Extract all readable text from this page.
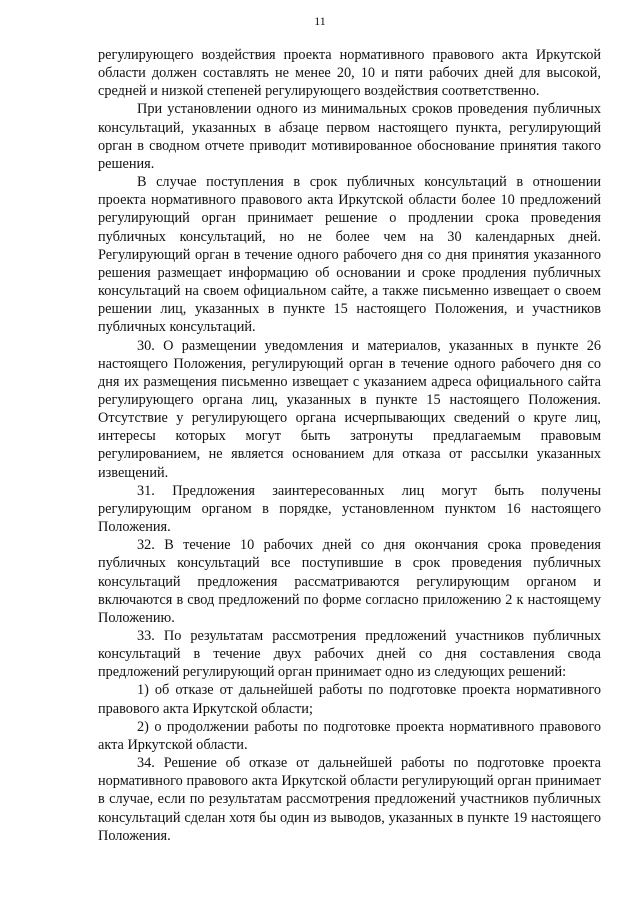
11

регулирующего воздействия проекта нормативного правового акта Иркутской области должен составлять не менее 20, 10 и пяти рабочих дней для высокой, средней и низкой степеней регулирующего воздействия соответственно.

При установлении одного из минимальных сроков проведения публичных консультаций, указанных в абзаце первом настоящего пункта, регулирующий орган в сводном отчете приводит мотивированное обоснование принятия такого решения.

В случае поступления в срок публичных консультаций в отношении проекта нормативного правового акта Иркутской области более 10 предложений регулирующий орган принимает решение о продлении срока проведения публичных консультаций, но не более чем на 30 календарных дней. Регулирующий орган в течение одного рабочего дня со дня принятия указанного решения размещает информацию об основании и сроке продления публичных консультаций на своем официальном сайте, а также письменно извещает о своем решении лиц, указанных в пункте 15 настоящего Положения, и участников публичных консультаций.

30. О размещении уведомления и материалов, указанных в пункте 26 настоящего Положения, регулирующий орган в течение одного рабочего дня со дня их размещения письменно извещает с указанием адреса официального сайта регулирующего органа лиц, указанных в пункте 15 настоящего Положения. Отсутствие у регулирующего органа исчерпывающих сведений о круге лиц, интересы которых могут быть затронуты предлагаемым правовым регулированием, не является основанием для отказа от рассылки указанных извещений.

31. Предложения заинтересованных лиц могут быть получены регулирующим органом в порядке, установленном пунктом 16 настоящего Положения.

32. В течение 10 рабочих дней со дня окончания срока проведения публичных консультаций все поступившие в срок проведения публичных консультаций предложения рассматриваются регулирующим органом и включаются в свод предложений по форме согласно приложению 2 к настоящему Положению.

33. По результатам рассмотрения предложений участников публичных консультаций в течение двух рабочих дней со дня составления свода предложений регулирующий орган принимает одно из следующих решений:

1) об отказе от дальнейшей работы по подготовке проекта нормативного правового акта Иркутской области;

2) о продолжении работы по подготовке проекта нормативного правового акта Иркутской области.

34. Решение об отказе от дальнейшей работы по подготовке проекта нормативного правового акта Иркутской области регулирующий орган принимает в случае, если по результатам рассмотрения предложений участников публичных консультаций сделан хотя бы один из выводов, указанных в пункте 19 настоящего Положения.
